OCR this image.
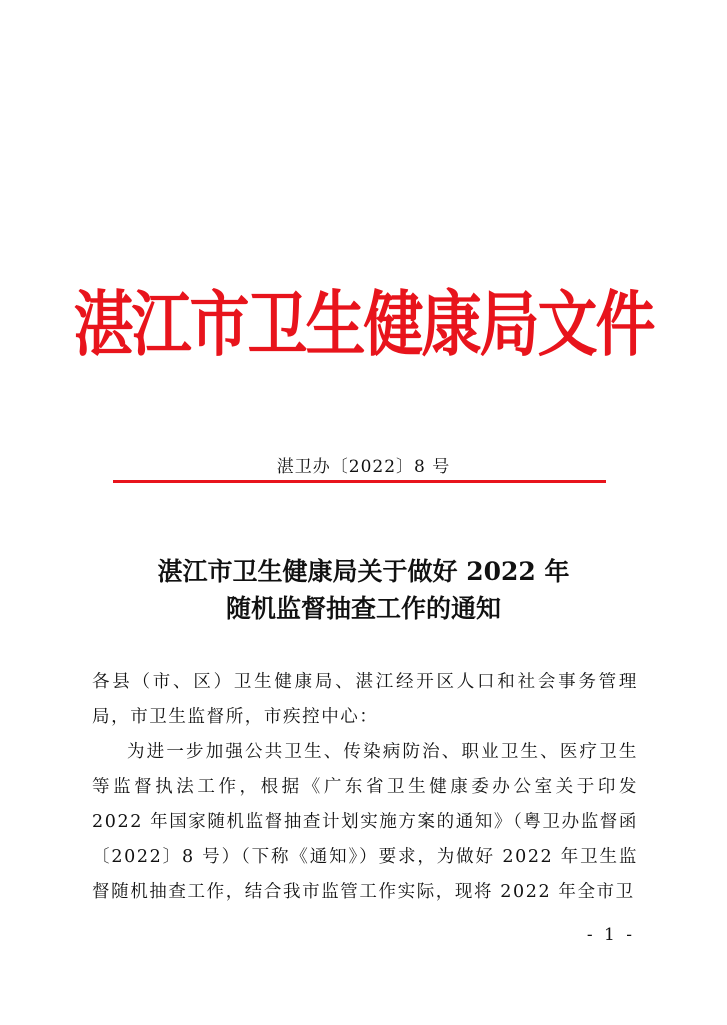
湛江市卫生健康局文件
湛卫办〔2022〕8 号
湛江市卫生健康局关于做好 2022 年
随机监督抽查工作的通知

各县（市、区）卫生健康局、湛江经开区人口和社会事务管理局，市卫生监督所，市疾控中心：

为进一步加强公共卫生、传染病防治、职业卫生、医疗卫生等监督执法工作，根据《广东省卫生健康委办公室关于印发 2022 年国家随机监督抽查计划实施方案的通知》（粤卫办监督函〔2022〕8 号）（下称《通知》）要求，为做好 2022 年卫生监督随机抽查工作，结合我市监管工作实际，现将 2022 年全市卫

- 1 -
